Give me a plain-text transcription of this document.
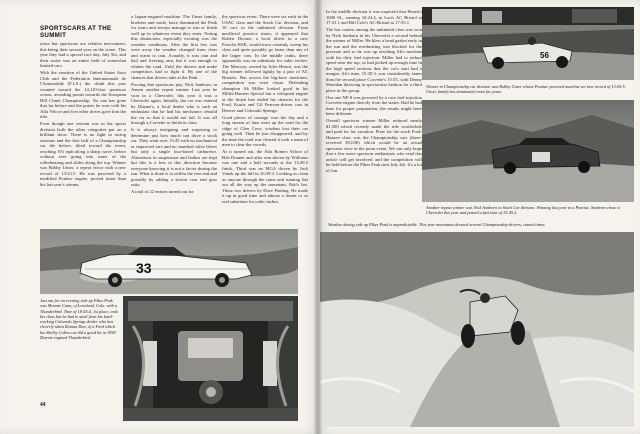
SPORTSCARS AT THE SUMMIT

years but sportscars are relative newcomers, this being their second year on the scene. This year they had a special race day, July 5th, and their roster was an entire field of somewhat limited cars.

With the sanction of the United States Auto Club and the Federation Internationale de l'Automobile (F.I.A.) the climb this year counted toward the 14,110-foot sportscar crown, awarding points towards the European Hill Climb Championship. No one has gone that far before and the points he won with his Alfa Veloce and five other drives gave him the title.

Even though one veteran was in the sports division both the other categories put on a brilliant show. There is no light in racing sessions and the first half of a Championship car the before, tilted toward the event, reaching 101 mph along a sharp curve, before without ever going into some of the rollerbearing and slides along the top. Winner was Bobby Unser, a repeat victor with a new record of 13:23.5. He was powered by a modified Pontiac engine, proved faster than his last year's winner,

a Jaguar-engined machine. The Unser family, brothers and uncle, have dominated the Peak for years and always manage to win or finish well up in whatever event they enter. Noting this distinction, especially exciting was the weather conditions. After the first few cars were away the weather changed from clear and warm to rain. Actually, it was rain and hail and freezing rain, but it was enough to whiten the road. Until the drivers and make competitors had to fight it. By one of the chances that drivers take at the Peak.

Proving that sportscars pay, Nick Sanborn, in Jensen another repeat winner. Last year he won in a Chevrolet; this year it was a Chevrolet again. Initially, the car was entered by Dianne's, a local dealer who is such an enthusiast that he had his mechanics rebuild the car so that it would not fail. It was all through a Corvette to finish in class.

It is always intriguing and surprising to determine just how much can drive a stock car. They went over 13:45 with no mechanical or improved cars and no standard valve lifters but only a single four-barrel carburetor. Alterations in suspension and brakes are kept but this is a less in this direction because everyone knowing it is not a factor during the run. What is done is to stiffen the rear end and possibly by adding a slower rear end gear ratio.

A total of 22 entries turned out for

the sportscar event. There were six each in the USAC class and the Stock Car division, and 10 cars in the unlimited division. From unofficial practice times, it appeared that Robert Dooner, a local driver in a new Porsche RSK, would most certainly sweep his class and quite possibly go faster than any of the larger cars. In the middle ranks, there apparently was no substitute for cubic inches. The Mercury, owned by Jules Hearst, was the big winner followed tightly by a pair of AC Bristols. But across the big-bore machines, competition was even closer. Defending champion Ak Miller looked good in his Miller-Hansen Special but a collapsed engine at the finish line ended his chances for the Ford, Kurtis and Gil Pearson-driven cars in Denver and Colorado Springs.

Good pieces of courage won the day and a long stream of fans went up the road for the ridge of Glen Cove, wisdom lost their car going well. Then he just disappeared, and by the time the road was cleared it took a team of men to clear the crowds.

As it turned out, the Alfa Romeo Veloce of Bob Donner and after rain driven by Williams was one and a half seconds at the 13:49.5 finish. Third was an MGA driven by Jack Vanek up the hill in 16:39.3. Looking as clean as anyone through the turns and running flat out all the way up the mountain, Bob's hat. These two drivers by Dave Pauling. He made it up in good time and almost a dozen or so real substitute for cubic inches.

33
Just out for an evening ride up Pikes Peak was Monnie Cann, of Loveland, Colo. with a Thunderbird. Time of 18:45.4, 1st place, took his class but he had to steal from his hard-working Colorado Springs dealer who has cleverly taken Roman Dan, of a Ford which his Shelby Cobra car did a good hit in 1958 Detroit-engined Thunderbird.
44

In the middle division it was expected that Hearst's 1000 SL, running 16:24.4, in Lou's AC Bristol at 17:31.1 and Bill Cole's AC-Bristol at 17:55.1.

The hot contest among the unlimited class was won by Nick Sanborn in his Chevrolet a second behind the winner of Miller. He blew a head gasket early in the run and the overheating was blocked for the pressure and so he was up reaching Ak's machine with his dirty fuel injection. Miller had to reduce speed near the top, so had picked up enough time in the high speed sections that the car's start had a margin. Ak's time, 15:39.3, was considerably faster than the second place Corvette's 15:55, with Denny Sheridan throwing in spectacular fashion for a third place in the group.

Our one NF-8 was powered by a race fuel-injection Corvette engine directly from the states. Had he had time for proper preparation, the results might have been different.

Overall sportscar winner Miller reduced nearly $1,500 which recently made the ride worthwhile and paid for his vacation. Prize for the stock Ford-Hansen class was the Championship cars (three-received $5,030) which would be an actual spectator view in the point event. We can only hope that a few more sportscar enthusiasts who read this article will get involved, and the competition will be held before the Pikes Peak next July 4th. It's a lot of fun.

56
Winner in Championship car division was Bobby Unser whose Pontiac-powered machine set new record of 13:05.5. Unser family has dominated event for years.
Another repeat winner was Nick Sanborn in Stock Car division. Winning last year in a Pontiac, Sanborn chose a Chevrolet this year and posted a fast time of 15:45.2.
Weather during ride up Pikes Peak is unpredictable. This year mountains dressed several Championship drivers, ruined times.
